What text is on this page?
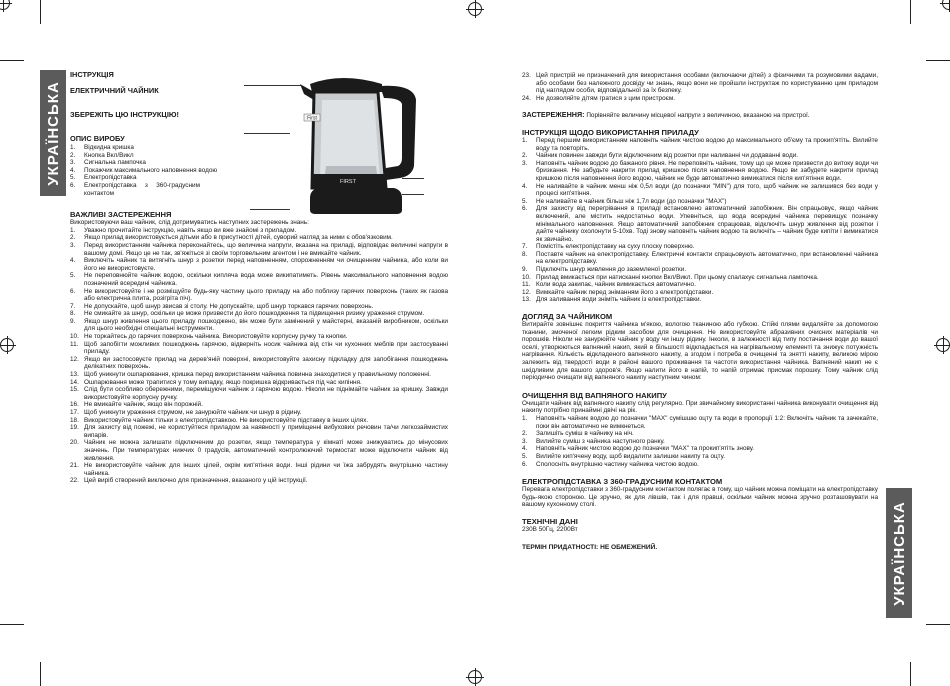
УКРАЇНСЬКА
УКРАЇНСЬКА

ІНСТРУКЦІЯ

ЕЛЕКТРИЧНИЙ ЧАЙНИК

ЗБЕРЕЖІТЬ ЦЮ ІНСТРУКЦІЮ!

ОПИС ВИРОБУ

1.	Відкидна кришка
2.	Кнопка Вкл/Викл
3.	Сигнальна лампочка
4.	Покажчик максимального наповнення водою
5.	Електропідставка
6.	Електропідставка з 360-градусним контактом

ВАЖЛИВІ ЗАСТЕРЕЖЕННЯ

Використовуючи ваш чайник, слід дотримуватись наступних застережень знань:

1.	Уважно прочитайте інструкцію, навіть якщо ви вже знайомі з приладом.
2.	Якщо прилад використовується дітьми або в присутності дітей, суворий нагляд за ними є обов'язковим.
3.	Перед використанням чайника переконайтесь, що величина напруги, вказана на приладі, відповідає величині напруги в вашому домі. Якщо це не так, зв'яжіться зі своїм торговельним агентом і не вмикайте чайник.
4.	Виключіть чайник та витягніть шнур з розетки перед наповненням, спорожненням чи очищенням чайника, або коли ви його не використовуєте.
5.	Не переповнюйте чайник водою, оскільки кипляча вода може википатиметь. Рівень максимального наповнення водою позначений всередині чайника.
6.	Не використовуйте і не розміщуйте будь-яку частину цього приладу на або поблизу гарячих поверхонь (таких як газова або електрична плита, розігріта піч).
7.	Не допускайте, щоб шнур звисав зі столу. Не допускайте, щоб шнур торкався гарячих поверхонь.
8.	Не смикайте за шнур, оскільки це може призвести до його пошкодження та підвищення ризику ураження струмом.
9.	Якщо шнур живлення цього приладу пошкоджено, він може бути замінений у майстерні, вказаній виробником, оскільки для цього необхідні спеціальні інструменти.
10. Не торкайтесь до гарячих поверхонь чайника. Використовуйте корпусну ручку та кнопки.
11. Щоб запобігти можливих пошкоджень гарячою, відверніть носик чайника від стін чи кухонних меблів при застосуванні приладу.
12. Якщо ви застосовуєте прилад на дерев'яній поверхні, використовуйте захисну підкладку для запобігання пошкоджень делікатних поверхонь.
13. Щоб уникнути ошпарювання, кришка перед використанням чайника повинна знаходитися у правильному положенні.
14. Ошпарювання може трапитися у тому випадку, якщо покришка відкривається під час кипіння.
15. Слід бути особливо обережними, переміщуючи чайник з гарячою водою. Ніколи не піднімайте чайник за кришку. Завжди використовуйте корпусну ручку.
16. Не вмикайте чайник, якщо він порожній.
17. Щоб уникнути ураження струмом, не занурюйте чайник чи шнур в рідину.
18. Використовуйте чайник тільки з електропідставкою. Не використовуйте підставку в інших цілях.
19. Для захисту від пожежі, не користуйтеся приладом за наявності у приміщенні вибухових речовин та/чи легкозаймистих випарів.
20. Чайник не можна залишати підключеним до розетки, якщо температура у кімнаті може знижуватись до мінусових значень. При температурах нижчих 0 градусів, автоматичний контролюючий термостат може відключити чайник від живлення.
21. Не використовуйте чайник для інших цілей, окрім кип'ятіння води. Інші рідини чи їжа забрудять внутрішню частину чайника.
22. Цей виріб створений виключно для призначення, вказаного у цій інструкції.
First
FIRST
23. Цей пристрій не призначений для використання особами (включаючи дітей) з фізичними та розумовими вадами, або особами без належного досвіду чи знань, якщо вони не пройшли інструктаж по користуванню цим приладом під наглядом особи, відповідальної за їх безпеку.
24. Не дозволяйте дітям гратися з цим пристроєм.

ЗАСТЕРЕЖЕННЯ: Порівняйте величину місцевої напруги з величиною, вказаною на пристрої.

ІНСТРУКЦІЯ ЩОДО ВИКОРИСТАННЯ ПРИЛАДУ

1.	Перед першим використанням наповніть чайник чистою водою до максимального об'єму та прокип'ятіть. Вилийте воду та повторіть.
2.	Чайник повинен завжди бути відключеним від розетки при наливанні чи додаванні води.
3.	Наповніть чайник водою до бажаного рівня. Не переповніть чайник, тому що це може призвести до витоку води чи бризкання. Не забудьте накрити прилад кришкою після наповнення водою. Якщо ви забудете накрити прилад кришкою після наповнення його водою, чайник не буде автоматично вимикатися після кип'ятіння води.
4.	Не наливайте в чайник менш ніж 0,5л води (до позначки "MIN") для того, щоб чайник не залишився без води у процесі кип'ятіння.
5.	Не наливайте в чайник більш ніж 1,7л води (до позначки "MAX")
6.	Для захисту від перегрівання в приладі встановлено автоматичний запобіжник. Він спрацьовує, якщо чайник включений, але містить недостатньо води. Упевніться, що вода всередині чайника перевищує позначку мінімального наповнення. Якщо автоматичний запобіжник спрацював, відключіть шнур живлення від розетки і дайте чайнику охолонути 5-10хв. Тоді знову наповніть чайник водою та включіть – чайник буде кипіти і вимикатися як звичайно.
7.	Помістіть електропідставку на суху плоску поверхню.
8.	Поставте чайник на електропідставку. Електричні контакти спрацьовують автоматично, при встановленні чайника на електропідставку.
9.	Підключіть шнур живлення до заземленої розетки.
10. Прилад вмикається при натисканні кнопки Вкл/Викл. При цьому спалахує сигнальна лампочка.
11. Коли вода закипає, чайник вимикається автоматично.
12. Вимкайте чайник перед зніманням його з електропідставки.
13. Для заливання води зніміть чайник із електропідставки.

ДОГЛЯД ЗА ЧАЙНИКОМ

Витирайте зовнішнє покриття чайника м'якою, вологою тканиною або губкою. Стійкі плями видаляйте за допомогою тканини, змоченої легким рідким засобом для очищення. Не використовуйте абразивних очисних матеріалів чи порошків. Ніколи не занурюйте чайник у воду чи іншу рідину. Інколи, в залежності від типу постачання води до вашої оселі, утворюються вапняний накип, який в більшості відкладається на нагрівальному елементі та знижує потужність нагрівання. Кількість відкладеного вапняного накипу, а згодом і потреба в очищенні та знятті накипу, великою мірою залежить від твердості води в районі вашого проживання та частоти використання чайника. Вапняний накип не є шкідливим для вашого здоров'я. Якщо налити його в напій, то напій отримає присмак порошку. Тому чайник слід періодично очищати від вапняного накипу наступним чином:

ОЧИЩЕННЯ ВІД ВАПНЯНОГО НАКИПУ

Очищати чайник від вапняного накипу слід регулярно. При звичайному використанні чайника виконувати очищення від накипу потрібно принаймні двічі на рік.

1.	Наповніть чайник водою до позначки "MAX" сумішшю оцту та води в пропорції 1:2: Включіть чайник та зачекайте, поки він автоматично не вимкнеться.
2.	Залишіть суміш в чайнику на ніч.
3.	Вилийте суміш з чайника наступного ранку.
4.	Наповніть чайник чистою водою до позначки "MAX" та прокип'ятіть знову.
5.	Вилийте кип'ячену воду, щоб видалити залишки накипу та оцту.
6.	Сполосніть внутрішню частину чайника чистою водою.

ЕЛЕКТРОПІДСТАВКА З 360-ГРАДУСНИМ КОНТАКТОМ

Перевага електропідставки з 360-градусним контактом полягає в тому, що чайник можна поміщати на електропідставку будь-якою стороною. Це зручно, як для лівшів, так і для правші, оскільки чайник можна зручно розташовувати на вашому кухонному столі.

ТЕХНІЧНІ ДАНІ

230В 50Гц, 2200Вт

ТЕРМІН ПРИДАТНОСТІ: НЕ ОБМЕЖЕНИЙ.
